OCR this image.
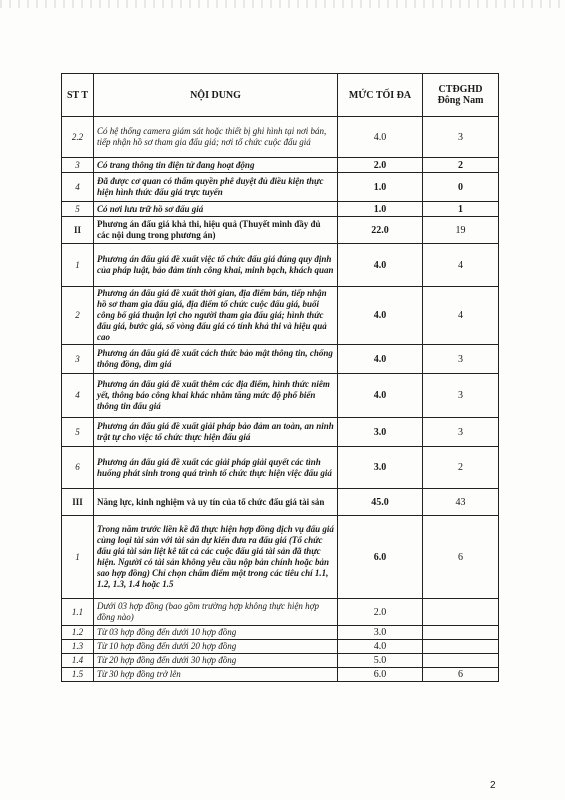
ST T	NỘI DUNG	MỨC TỐI ĐA	CTĐGHD Đông Nam
2.2	Có hệ thống camera giám sát hoặc thiết bị ghi hình tại nơi bán, tiếp nhận hồ sơ tham gia đấu giá; nơi tổ chức cuộc đấu giá	4.0	3
3	Có trang thông tin điện tử đang hoạt động	2.0	2
4	Đã được cơ quan có thẩm quyền phê duyệt đủ điều kiện thực hiện hình thức đấu giá trực tuyến	1.0	0
5	Có nơi lưu trữ hồ sơ đấu giá	1.0	1
II	Phương án đấu giá khả thi, hiệu quả (Thuyết minh đầy đủ các nội dung trong phương án)	22.0	19
1	Phương án đấu giá đề xuất việc tổ chức đấu giá đúng quy định của pháp luật, bảo đảm tính công khai, minh bạch, khách quan	4.0	4
2	Phương án đấu giá đề xuất thời gian, địa điểm bán, tiếp nhận hồ sơ tham gia đấu giá, địa điểm tổ chức cuộc đấu giá, buổi công bố giá thuận lợi cho người tham gia đấu giá; hình thức đấu giá, bước giá, số vòng đấu giá có tính khả thi và hiệu quả cao	4.0	4
3	Phương án đấu giá đề xuất cách thức bảo mật thông tin, chống thông đồng, dìm giá	4.0	3
4	Phương án đấu giá đề xuất thêm các địa điểm, hình thức niêm yết, thông báo công khai khác nhằm tăng mức độ phổ biến thông tin đấu giá	4.0	3
5	Phương án đấu giá đề xuất giải pháp bảo đảm an toàn, an ninh trật tự cho việc tổ chức thực hiện đấu giá	3.0	3
6	Phương án đấu giá đề xuất các giải pháp giải quyết các tình huống phát sinh trong quá trình tổ chức thực hiện việc đấu giá	3.0	2
III	Năng lực, kinh nghiệm và uy tín của tổ chức đấu giá tài sản	45.0	43
1	Trong năm trước liền kề đã thực hiện hợp đồng dịch vụ đấu giá cùng loại tài sản với tài sản dự kiến đưa ra đấu giá (Tổ chức đấu giá tài sản liệt kê tất cả các cuộc đấu giá tài sản đã thực hiện. Người có tài sản không yêu cầu nộp bản chính hoặc bản sao hợp đồng) Chỉ chọn chấm điểm một trong các tiêu chí 1.1, 1.2, 1.3, 1.4 hoặc 1.5	6.0	6
1.1	Dưới 03 hợp đồng (bao gồm trường hợp không thực hiện hợp đồng nào)	2.0	
1.2	Từ 03 hợp đồng đến dưới 10 hợp đồng	3.0	
1.3	Từ 10 hợp đồng đến dưới 20 hợp đồng	4.0	
1.4	Từ 20 hợp đồng đến dưới 30 hợp đồng	5.0	
1.5	Từ 30 hợp đồng trở lên	6.0	6
2
